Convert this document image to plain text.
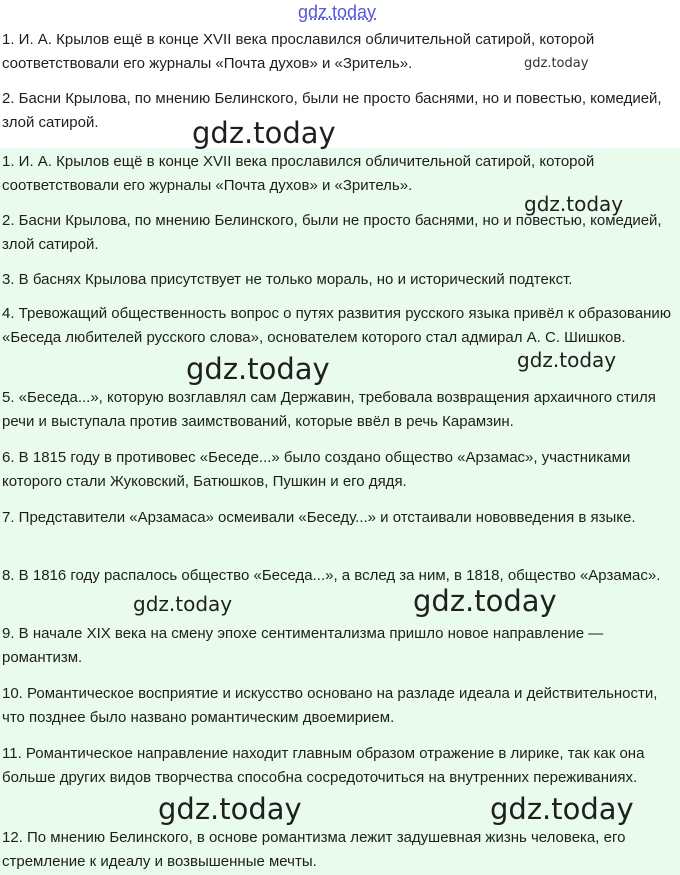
gdz.today

1. И. А. Крылов ещё в конце XVII века прославился обличительной сатирой, которой соответствовали его журналы «Почта духов» и «Зритель».

2. Басни Крылова, по мнению Белинского, были не просто баснями, но и повестью, комедией, злой сатирой.

1. И. А. Крылов ещё в конце XVII века прославился обличительной сатирой, которой соответствовали его журналы «Почта духов» и «Зритель».

2. Басни Крылова, по мнению Белинского, были не просто баснями, но и повестью, комедией, злой сатирой.

3. В баснях Крылова присутствует не только мораль, но и исторический подтекст.

4. Тревожащий общественность вопрос о путях развития русского языка привёл к образованию «Беседа любителей русского слова», основателем которого стал адмирал А. С. Шишков.

5. «Беседа...», которую возглавлял сам Державин, требовала возвращения архаичного стиля речи и выступала против заимствований, которые ввёл в речь Карамзин.

6. В 1815 году в противовес «Беседе...» было создано общество «Арзамас», участниками которого стали Жуковский, Батюшков, Пушкин и его дядя.

7. Представители «Арзамаса» осмеивали «Беседу...» и отстаивали нововведения в языке.

8. В 1816 году распалось общество «Беседа...», а вслед за ним, в 1818, общество «Арзамас».

9. В начале XIX века на смену эпохе сентиментализма пришло новое направление — романтизм.

10. Романтическое восприятие и искусство основано на разладе идеала и действительности, что позднее было названо романтическим двоемирием.

11. Романтическое направление находит главным образом отражение в лирике, так как она больше других видов творчества способна сосредоточиться на внутренних переживаниях.

12. По мнению Белинского, в основе романтизма лежит задушевная жизнь человека, его стремление к идеалу и возвышенные мечты.

gdz.today
gdz.today
gdz.today
gdz.today	gdz.today
gdz.today	gdz.today
gdz.today	gdz.today
